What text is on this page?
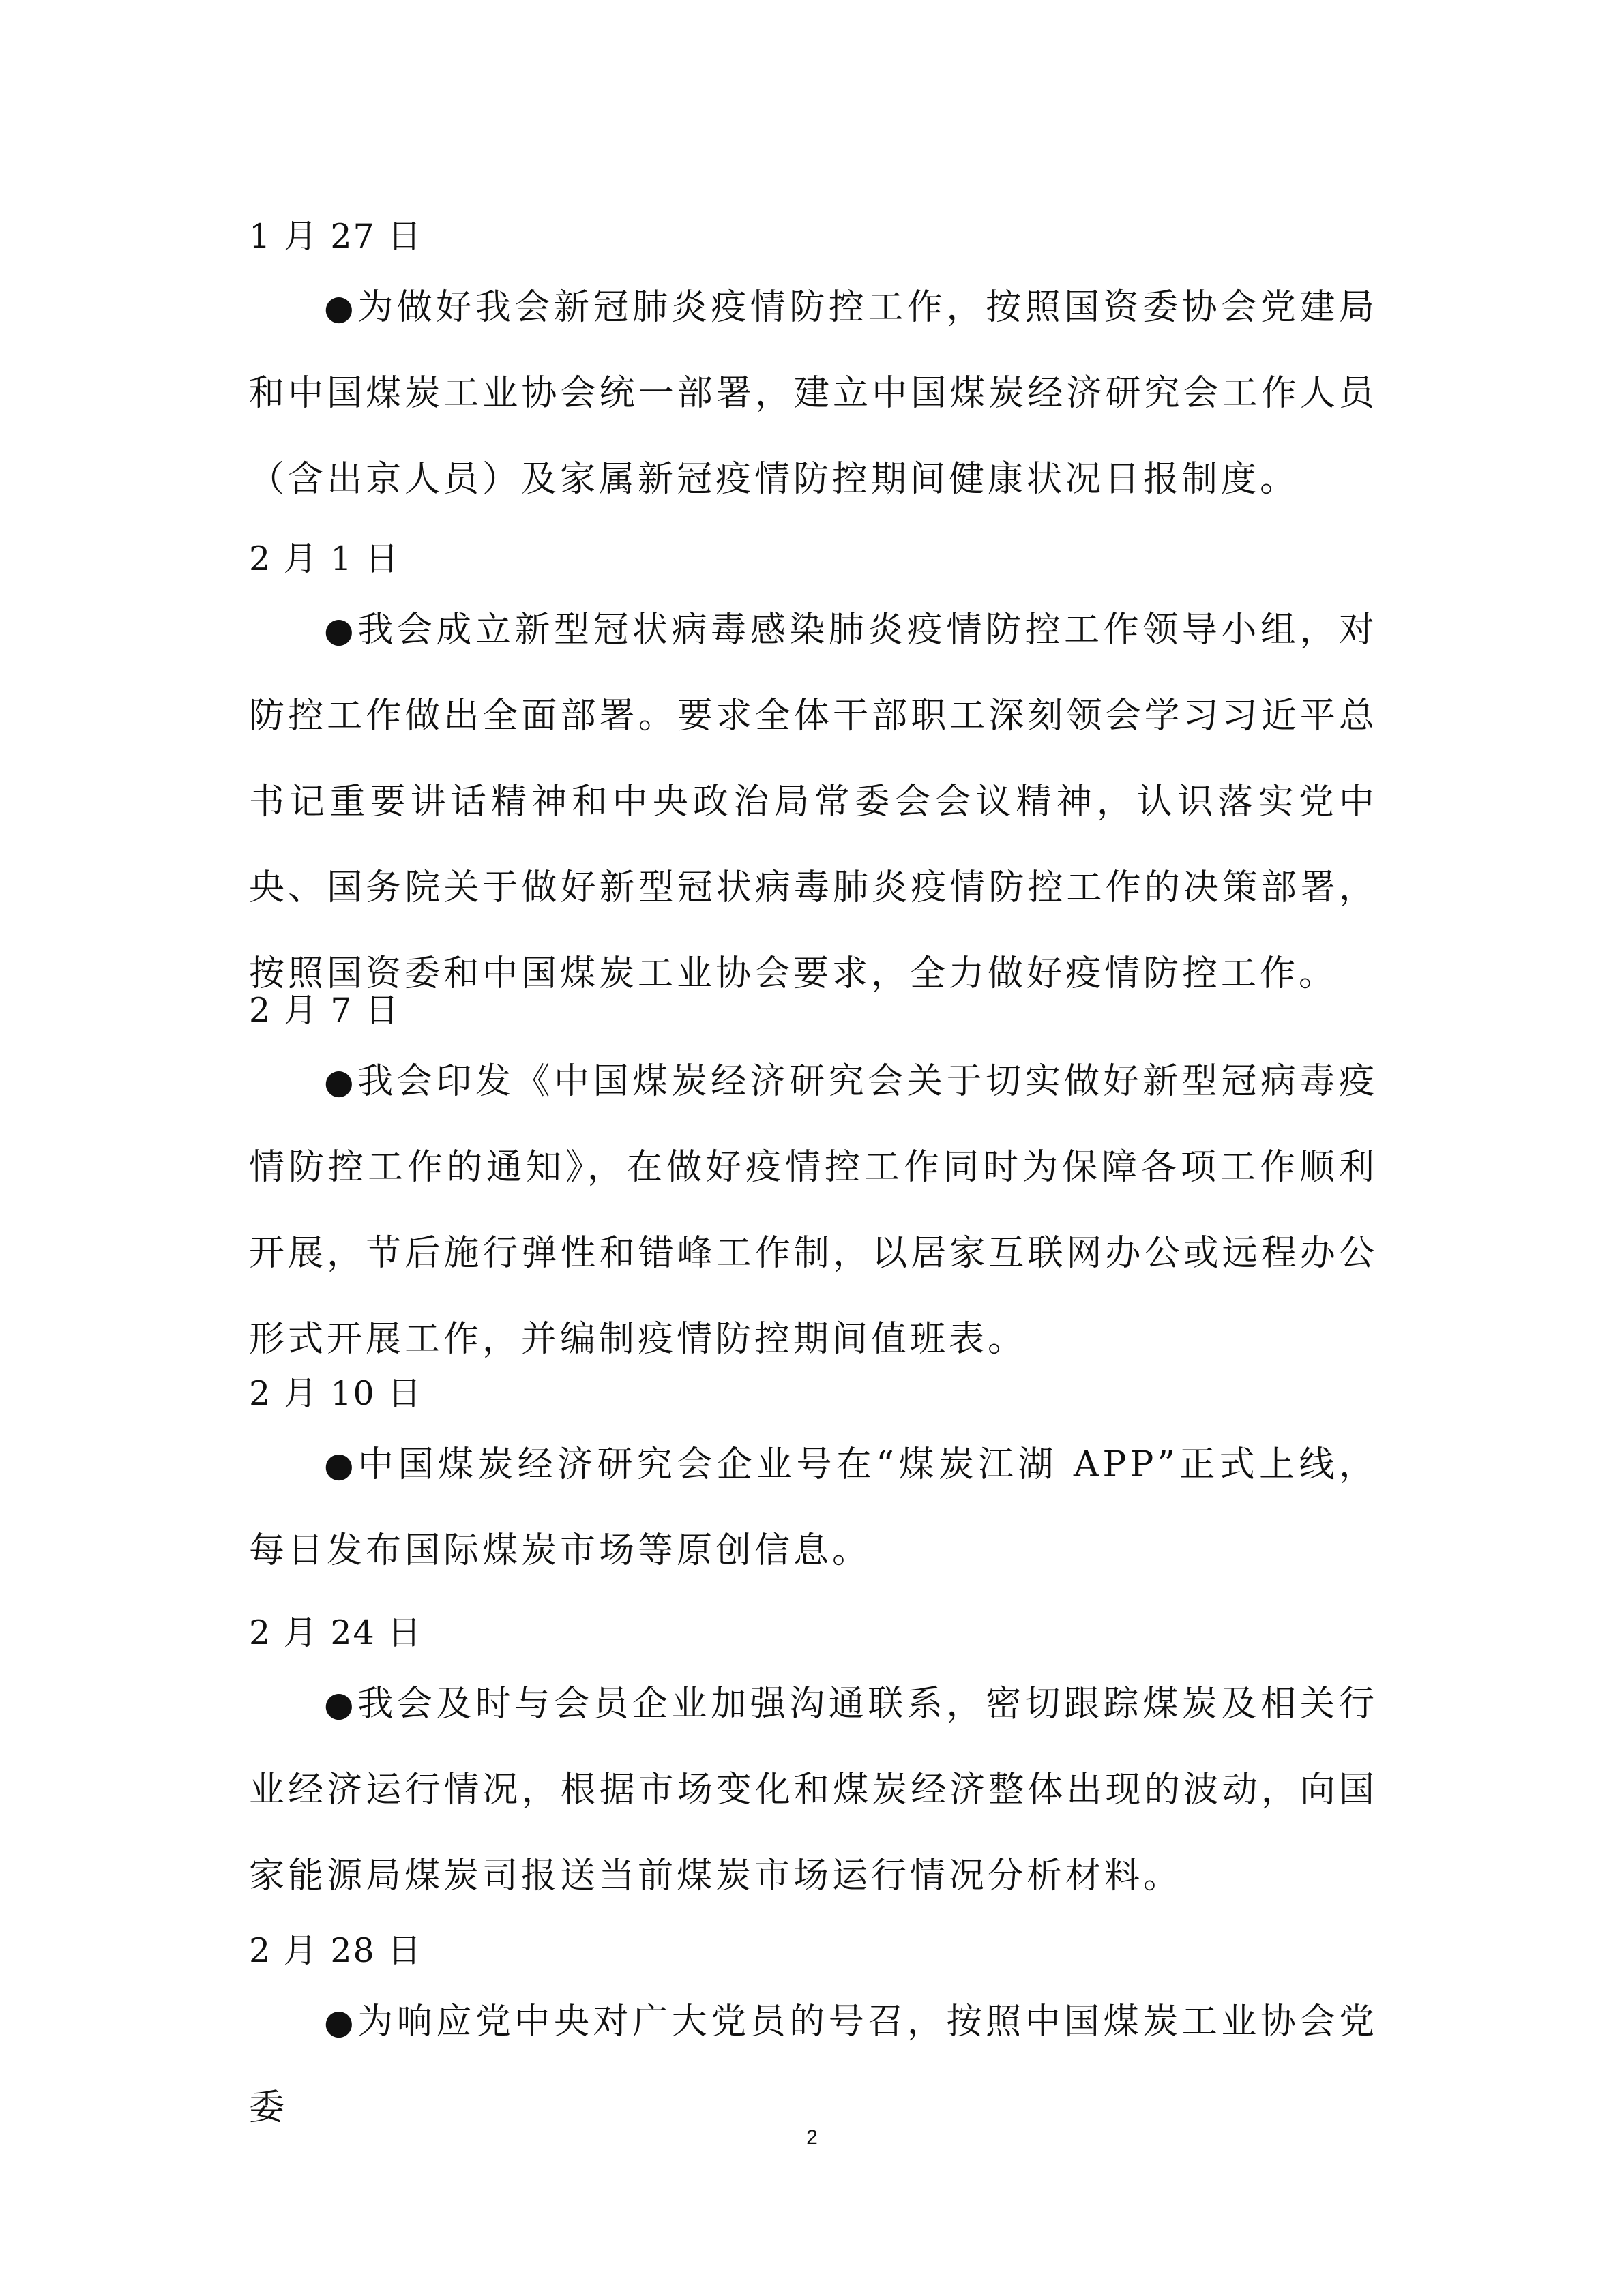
1 月 27 日

●为做好我会新冠肺炎疫情防控工作，按照国资委协会党建局和中国煤炭工业协会统一部署，建立中国煤炭经济研究会工作人员（含出京人员）及家属新冠疫情防控期间健康状况日报制度。

2 月 1 日

●我会成立新型冠状病毒感染肺炎疫情防控工作领导小组，对防控工作做出全面部署。要求全体干部职工深刻领会学习习近平总书记重要讲话精神和中央政治局常委会会议精神，认识落实党中央、国务院关于做好新型冠状病毒肺炎疫情防控工作的决策部署，按照国资委和中国煤炭工业协会要求，全力做好疫情防控工作。

2 月 7 日

●我会印发《中国煤炭经济研究会关于切实做好新型冠病毒疫情防控工作的通知》，在做好疫情控工作同时为保障各项工作顺利开展，节后施行弹性和错峰工作制，以居家互联网办公或远程办公形式开展工作，并编制疫情防控期间值班表。

2 月 10 日

●中国煤炭经济研究会企业号在“煤炭江湖 APP”正式上线，每日发布国际煤炭市场等原创信息。

2 月 24 日

●我会及时与会员企业加强沟通联系，密切跟踪煤炭及相关行业经济运行情况，根据市场变化和煤炭经济整体出现的波动，向国家能源局煤炭司报送当前煤炭市场运行情况分析材料。

2 月 28 日

●为响应党中央对广大党员的号召，按照中国煤炭工业协会党委

2
